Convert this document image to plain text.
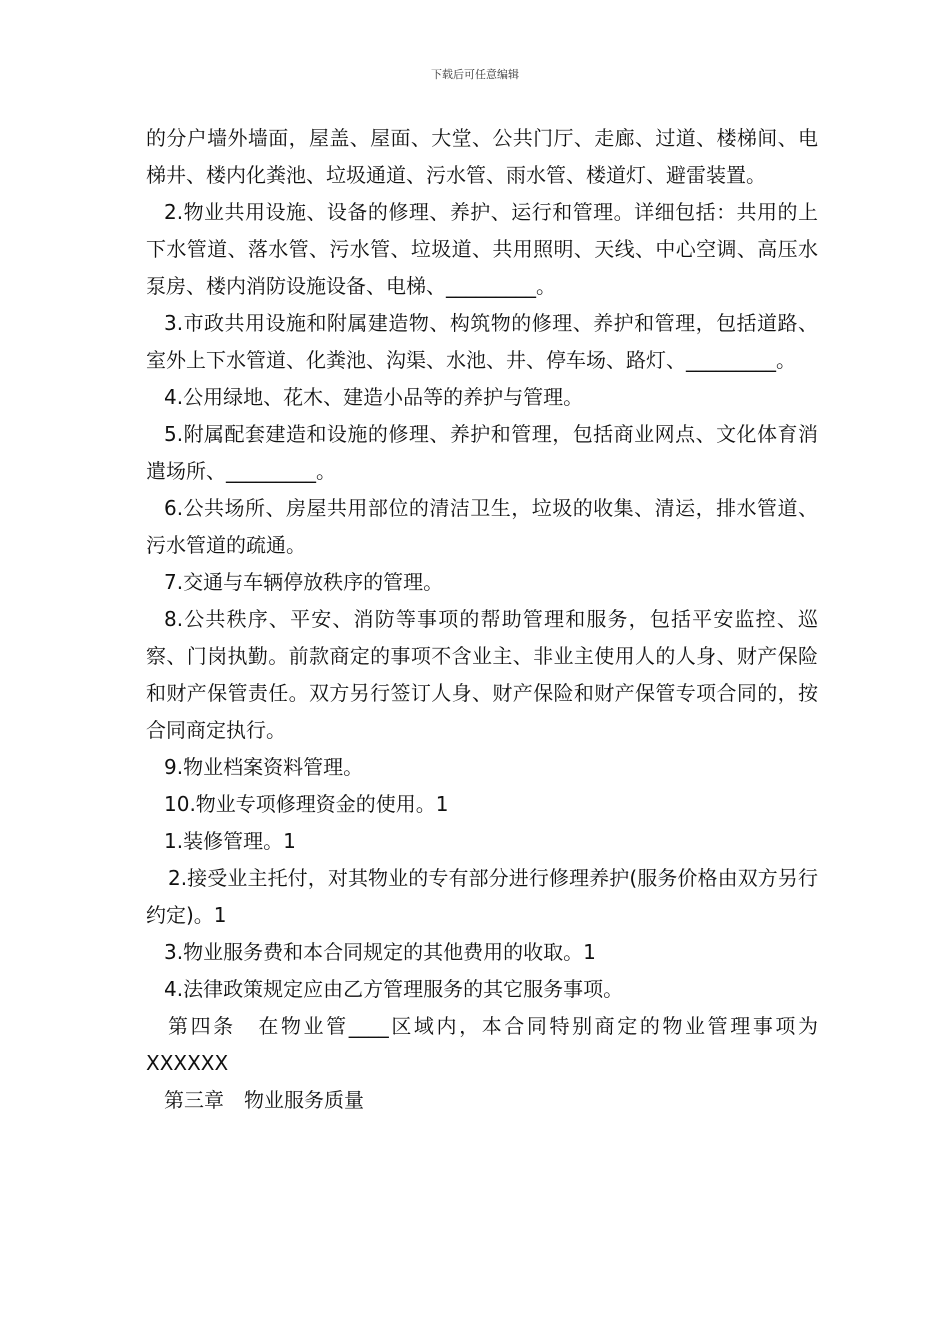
下载后可任意编辑

的分户墙外墙面，屋盖、屋面、大堂、公共门厅、走廊、过道、楼梯间、电梯井、楼内化粪池、垃圾通道、污水管、雨水管、楼道灯、避雷装置。

2.物业共用设施、设备的修理、养护、运行和管理。详细包括：共用的上下水管道、落水管、污水管、垃圾道、共用照明、天线、中心空调、高压水泵房、楼内消防设施设备、电梯、_________。

3.市政共用设施和附属建造物、构筑物的修理、养护和管理，包括道路、室外上下水管道、化粪池、沟渠、水池、井、停车场、路灯、_________。

4.公用绿地、花木、建造小品等的养护与管理。

5.附属配套建造和设施的修理、养护和管理，包括商业网点、文化体育消遣场所、_________。

6.公共场所、房屋共用部位的清洁卫生，垃圾的收集、清运，排水管道、污水管道的疏通。

7.交通与车辆停放秩序的管理。

8.公共秩序、平安、消防等事项的帮助管理和服务，包括平安监控、巡察、门岗执勤。前款商定的事项不含业主、非业主使用人的人身、财产保险和财产保管责任。双方另行签订人身、财产保险和财产保管专项合同的，按合同商定执行。

9.物业档案资料管理。

10.物业专项修理资金的使用。1

1.装修管理。1

2.接受业主托付，对其物业的专有部分进行修理养护(服务价格由双方另行约定)。1

3.物业服务费和本合同规定的其他费用的收取。1

4.法律政策规定应由乙方管理服务的其它服务事项。

第四条　在物业管____区域内，本合同特别商定的物业管理事项为XXXXXX

第三章　物业服务质量
